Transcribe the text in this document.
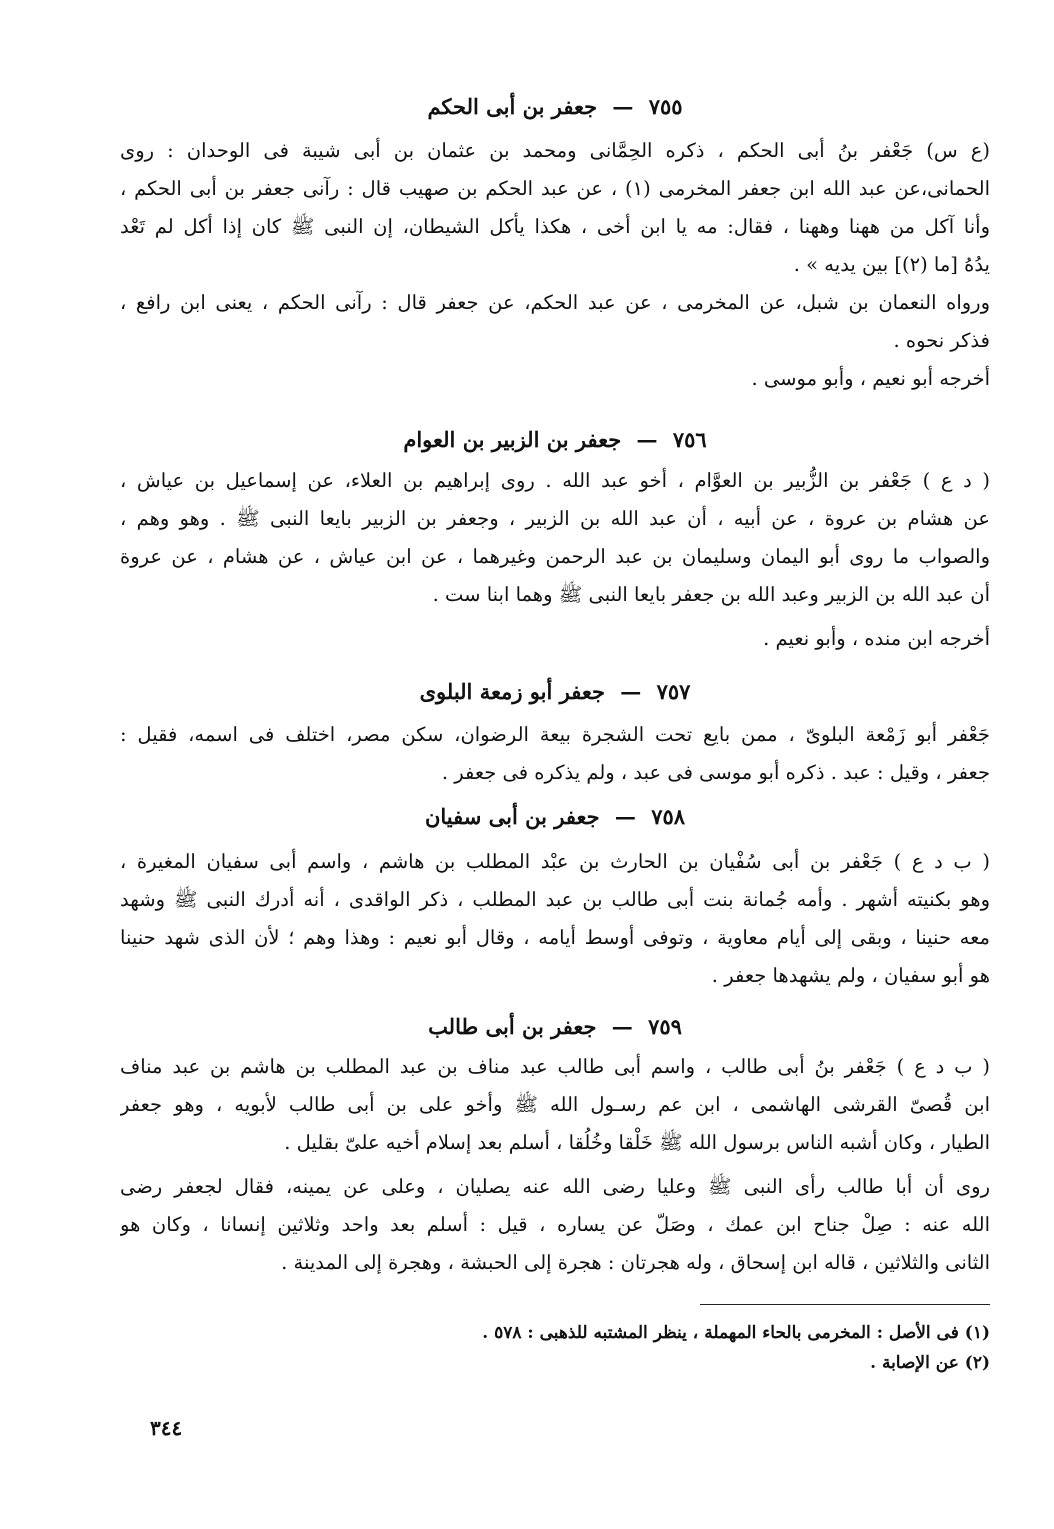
٧٥٥ — جعفر بن أبى الحكم

(ع س) جَعْفر بنُ أبى الحكم ، ذكره الحِمَّانى ومحمد بن عثمان بن أبى شيبة فى الوحدان : روى
الحمانى،عن عبد الله ابن جعفر المخرمى (١) ، عن عبد الحكم بن صهيب قال : رآنى جعفر بن أبى الحكم ،
وأنا آكل من ههنا وههنا ، فقال: مه يا ابن أخى ، هكذا يأكل الشيطان، إن النبى ﷺ كان إذا أكل لم تَعْد
يدُهُ [ما (٢)] بين يديه » .

ورواه النعمان بن شبل، عن المخرمى ، عن عبد الحكم، عن جعفر قال : رآنى الحكم ، يعنى ابن رافع ،
فذكر نحوه .

أخرجه أبو نعيم ، وأبو موسى .

٧٥٦ — جعفر بن الزبير بن العوام

( د ع ) جَعْفر بن الزُّبير بن العوَّام ، أخو عبد الله . روى إبراهيم بن العلاء، عن إسماعيل بن عياش ،
عن هشام بن عروة ، عن أبيه ، أن عبد الله بن الزبير ، وجعفر بن الزبير بايعا النبى ﷺ . وهو وهم ،
والصواب ما روى أبو اليمان وسليمان بن عبد الرحمن وغيرهما ، عن ابن عياش ، عن هشام ، عن عروة
أن عبد الله بن الزبير وعبد الله بن جعفر بايعا النبى ﷺ وهما ابنا ست .

أخرجه ابن منده ، وأبو نعيم .

٧٥٧ — جعفر أبو زمعة البلوى

جَعْفر أبو زَمْعة البلوىّ ، ممن بايع تحت الشجرة بيعة الرضوان، سكن مصر، اختلف فى اسمه، فقيل :
جعفر ، وقيل : عبد . ذكره أبو موسى فى عبد ، ولم يذكره فى جعفر .

٧٥٨ — جعفر بن أبى سفيان

( ب د ع ) جَعْفر بن أبى سُفْيان بن الحارث بن عبْد المطلب بن هاشم ، واسم أبى سفيان المغيرة ،
وهو بكنيته أشهر . وأمه جُمانة بنت أبى طالب بن عبد المطلب ، ذكر الواقدى ، أنه أدرك النبى ﷺ وشهد
معه حنينا ، وبقى إلى أيام معاوية ، وتوفى أوسط أيامه ، وقال أبو نعيم : وهذا وهم ؛ لأن الذى شهد حنينا
هو أبو سفيان ، ولم يشهدها جعفر .

٧٥٩ — جعفر بن أبى طالب

( ب د ع ) جَعْفر بنُ أبى طالب ، واسم أبى طالب عبد مناف بن عبد المطلب بن هاشم بن عبد مناف
ابن قُصىّ القرشى الهاشمى ، ابن عم رسـول الله ﷺ وأخو على بن أبى طالب لأبويه ، وهو جعفر
الطيار ، وكان أشبه الناس برسول الله ﷺ خَلْقا وخُلُقا ، أسلم بعد إسلام أخيه علىّ بقليل .

روى أن أبا طالب رأى النبى ﷺ وعليا رضى الله عنه يصليان ، وعلى عن يمينه، فقال لجعفر رضى
الله عنه : صِلْ جناح ابن عمك ، وصَلّ عن يساره ، قيل : أسلم بعد واحد وثلاثين إنسانا ، وكان هو
الثانى والثلاثين ، قاله ابن إسحاق ، وله هجرتان : هجرة إلى الحبشة ، وهجرة إلى المدينة .

(١) فى الأصل : المخرمى بالحاء المهملة ، ينظر المشتبه للذهبى : ٥٧٨ .
(٢) عن الإصابة .
٣٤٤
